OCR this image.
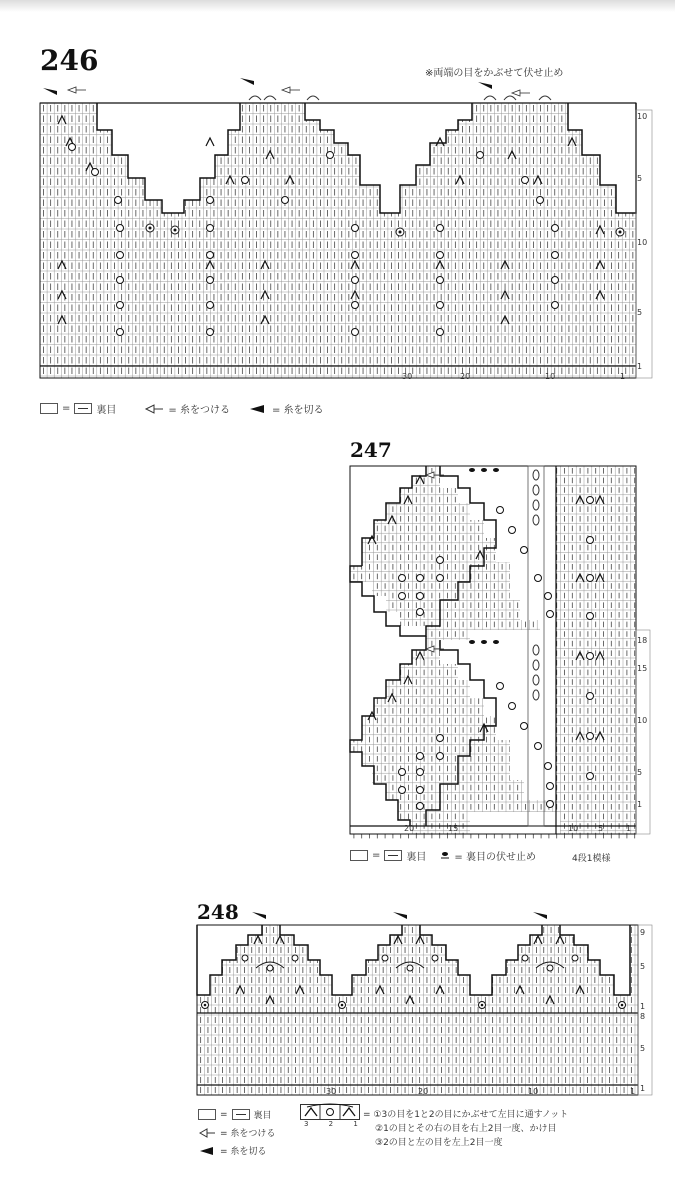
246	※両端の目をかぶせて伏せ止め
10
5
10
5
1
30	20	10	1
=	裏目	= 糸をつける	= 糸を切る
247
18
15
10
5
1
20	15	10 5	1
=	裏目	= 裏目の伏せ止め	4段1模様
248
9
5
1
8
5
1
30	20	10	1
=	裏目
= 糸をつける
= 糸を切る
3 2 1
= ①3の目を1と2の目にかぶせて左目に通すノット
②1の目とその右の目を右上2目一度、かけ目
③2の目と左の目を左上2目一度
